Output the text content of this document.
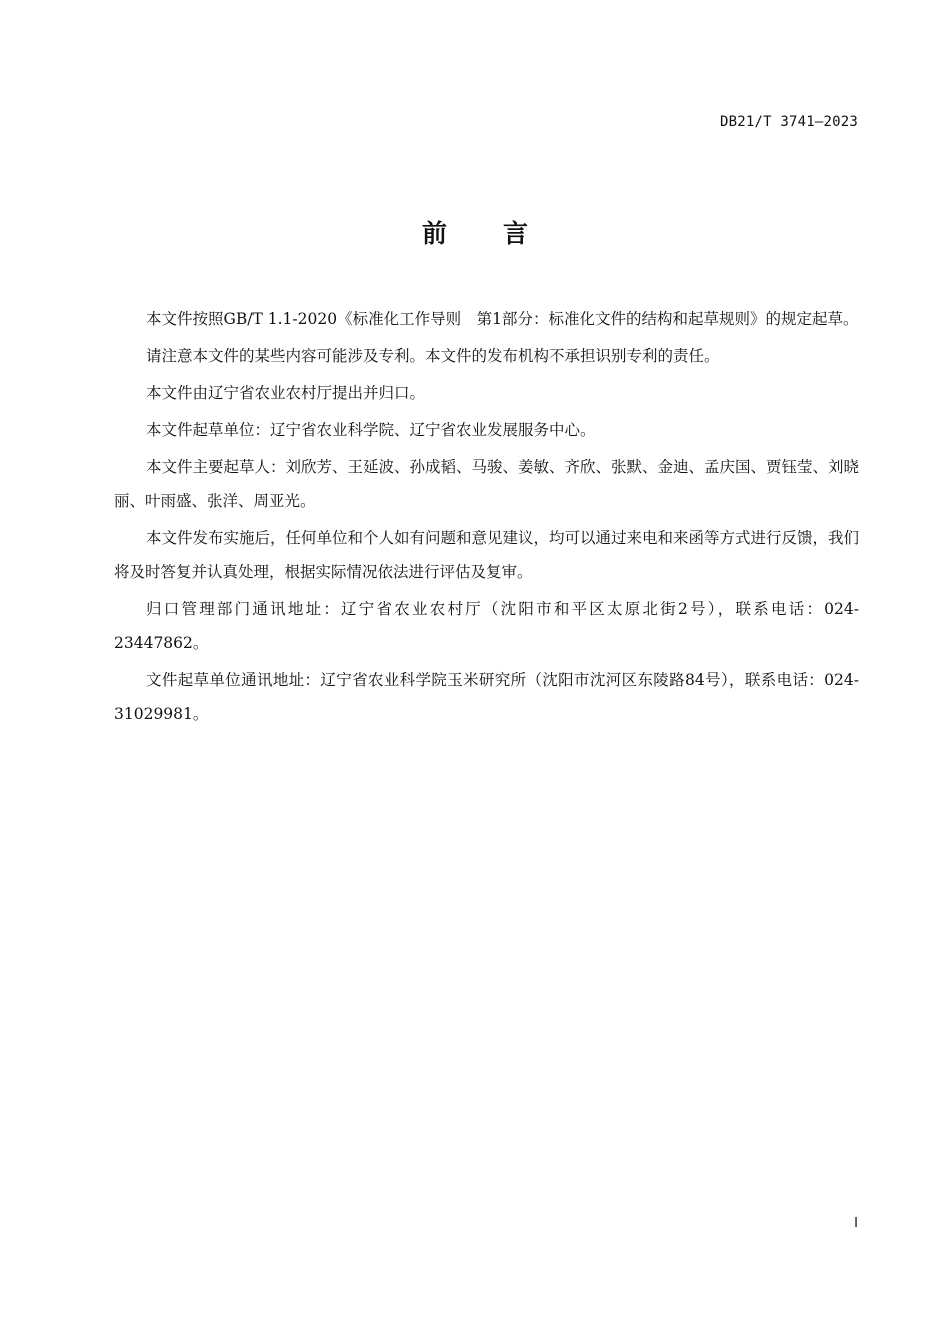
DB21/T 3741—2023
前言

本文件按照GB/T 1.1-2020《标准化工作导则　第1部分：标准化文件的结构和起草规则》的规定起草。

请注意本文件的某些内容可能涉及专利。本文件的发布机构不承担识别专利的责任。

本文件由辽宁省农业农村厅提出并归口。

本文件起草单位：辽宁省农业科学院、辽宁省农业发展服务中心。

本文件主要起草人：刘欣芳、王延波、孙成韬、马骏、姜敏、齐欣、张默、金迪、孟庆国、贾钰莹、刘晓丽、叶雨盛、张洋、周亚光。

本文件发布实施后，任何单位和个人如有问题和意见建议，均可以通过来电和来函等方式进行反馈，我们将及时答复并认真处理，根据实际情况依法进行评估及复审。

归口管理部门通讯地址：辽宁省农业农村厅（沈阳市和平区太原北街2号），联系电话：024-23447862。

文件起草单位通讯地址：辽宁省农业科学院玉米研究所（沈阳市沈河区东陵路84号），联系电话：024-31029981。

I
